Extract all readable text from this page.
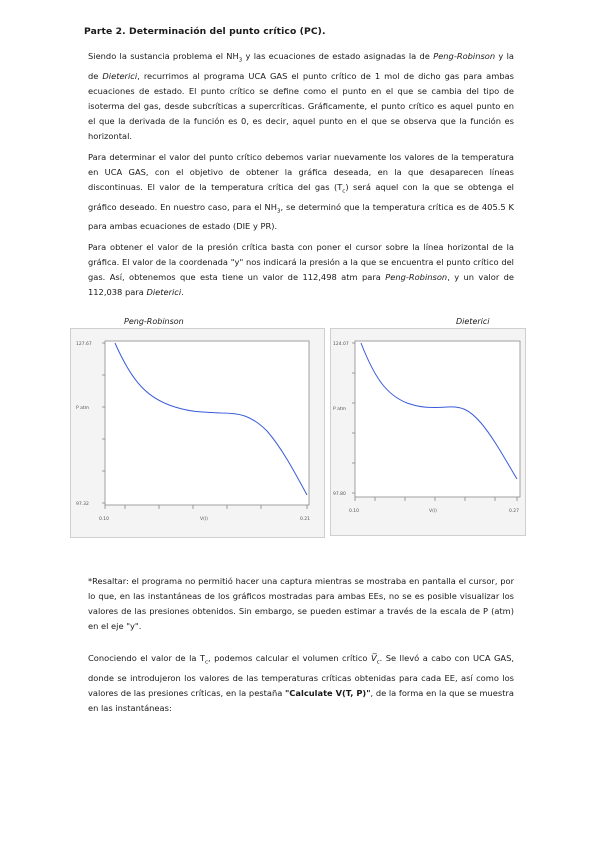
Parte 2. Determinación del punto crítico (PC).
Siendo la sustancia problema el $NH_3$ y las ecuaciones de estado asignadas la de Peng-Robinson y la de Dieterici, recurrimos al programa UCA GAS el punto crítico de 1 mol de dicho gas para ambas ecuaciones de estado. El punto crítico se define como el punto en el que se cambia del tipo de isoterma del gas, desde subcríticas a supercríticas. Gráficamente, el punto crítico es aquel punto en el que la derivada de la función es 0, es decir, aquel punto en el que se observa que la función es horizontal.
Para determinar el valor del punto crítico debemos variar nuevamente los valores de la temperatura en UCA GAS, con el objetivo de obtener la gráfica deseada, en la que desaparecen líneas discontinuas. El valor de la temperatura crítica del gas $(T_c)$ será aquel con la que se obtenga el gráfico deseado. En nuestro caso, para el $NH_3$, se determinó que la temperatura crítica es de 405.5 K para ambas ecuaciones de estado (DIE y PR).
Para obtener el valor de la presión crítica basta con poner el cursor sobre la línea horizontal de la gráfica. El valor de la coordenada "y" nos indicará la presión a la que se encuentra el punto crítico del gas. Así, obtenemos que esta tiene un valor de 112,498 atm para Peng-Robinson, y un valor de 112,038 para Dieterici.
Peng-Robinson	Dieterici
127.67
P atm
97.32
0.10	V(l)	0.21
124.07
P atm
97.80
0.10	V(l)	0.27
*Resaltar: el programa no permitió hacer una captura mientras se mostraba en pantalla el cursor, por lo que, en las instantáneas de los gráficos mostradas para ambas EEs, no se es posible visualizar los valores de las presiones obtenidos. Sin embargo, se pueden estimar a través de la escala de P (atm) en el eje "y".
Conociendo el valor de la $T_c$, podemos calcular el volumen crítico $V̅_c$. Se llevó a cabo con UCA GAS, donde se introdujeron los valores de las temperaturas críticas obtenidas para cada EE, así como los valores de las presiones críticas, en la pestaña "Calculate V(T, P)", de la forma en la que se muestra en las instantáneas:
